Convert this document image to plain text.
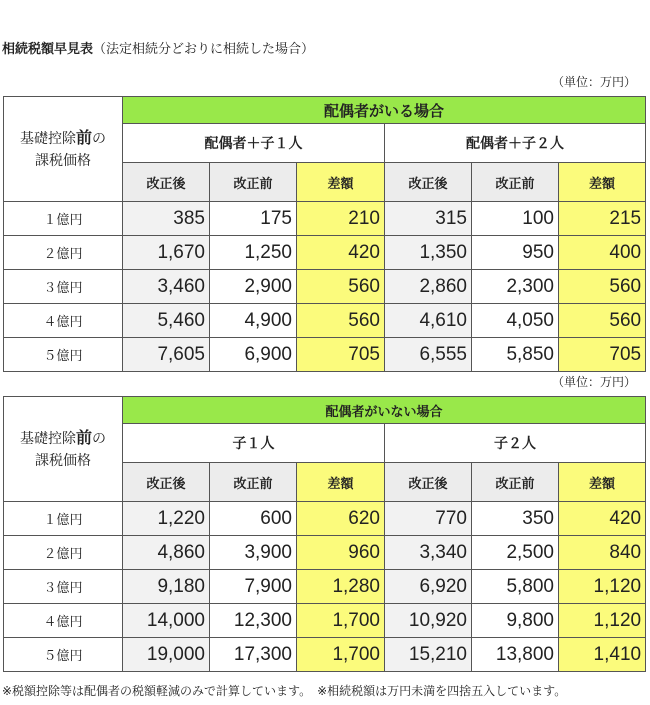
相続税額早見表（法定相続分どおりに相続した場合）
（単位：万円）
基礎控除前の
課税価格	配偶者がいる場合					
	配偶者＋子１人			配偶者＋子２人		
	改正後	改正前	差額	改正後	改正前	差額
１億円	385	175	210	315	100	215
２億円	1,670	1,250	420	1,350	950	400
３億円	3,460	2,900	560	2,860	2,300	560
４億円	5,460	4,900	560	4,610	4,050	560
５億円	7,605	6,900	705	6,555	5,850	705
（単位：万円）
基礎控除前の
課税価格	配偶者がいない場合					
	子１人			子２人		
	改正後	改正前	差額	改正後	改正前	差額
１億円	1,220	600	620	770	350	420
２億円	4,860	3,900	960	3,340	2,500	840
３億円	9,180	7,900	1,280	6,920	5,800	1,120
４億円	14,000	12,300	1,700	10,920	9,800	1,120
５億円	19,000	17,300	1,700	15,210	13,800	1,410
※税額控除等は配偶者の税額軽減のみで計算しています。　※相続税額は万円未満を四捨五入しています。
